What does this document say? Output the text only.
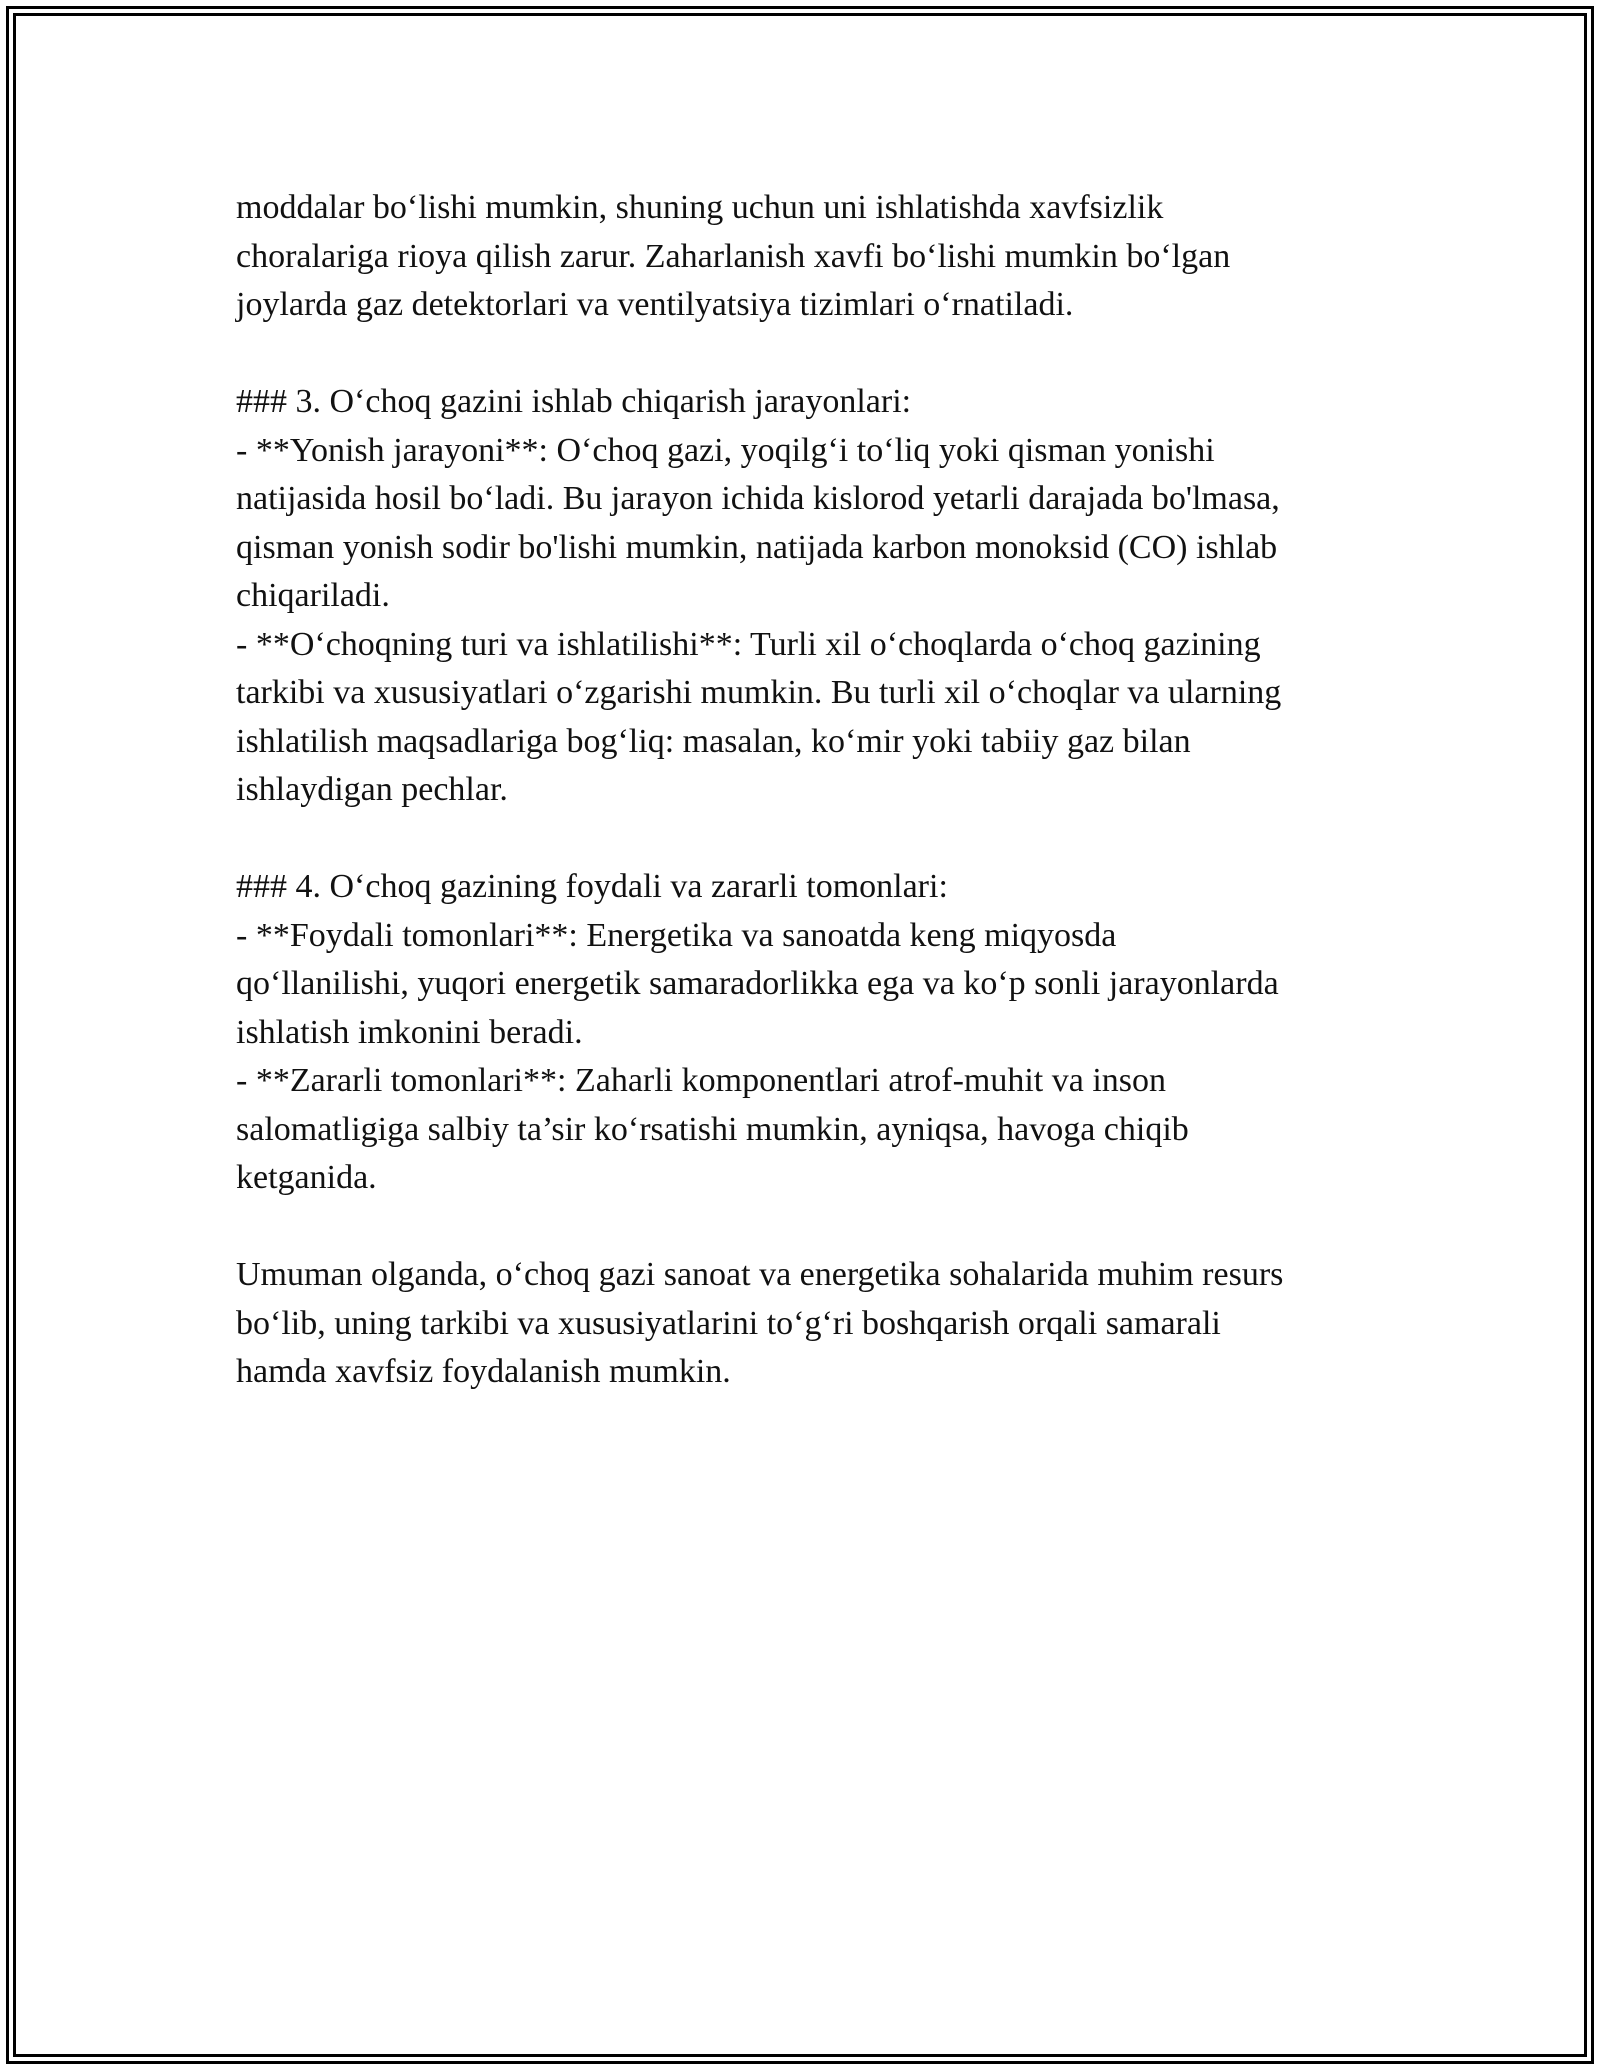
moddalar bo‘lishi mumkin, shuning uchun uni ishlatishda xavfsizlik
choralariga rioya qilish zarur. Zaharlanish xavfi bo‘lishi mumkin bo‘lgan
joylarda gaz detektorlari va ventilyatsiya tizimlari o‘rnatiladi.
### 3. O‘choq gazini ishlab chiqarish jarayonlari:
- **Yonish jarayoni**: O‘choq gazi, yoqilg‘i to‘liq yoki qisman yonishi
natijasida hosil bo‘ladi. Bu jarayon ichida kislorod yetarli darajada bo'lmasa,
qisman yonish sodir bo'lishi mumkin, natijada karbon monoksid (CO) ishlab
chiqariladi.
- **O‘choqning turi va ishlatilishi**: Turli xil o‘choqlarda o‘choq gazining
tarkibi va xususiyatlari o‘zgarishi mumkin. Bu turli xil o‘choqlar va ularning
ishlatilish maqsadlariga bog‘liq: masalan, ko‘mir yoki tabiiy gaz bilan
ishlaydigan pechlar.
### 4. O‘choq gazining foydali va zararli tomonlari:
- **Foydali tomonlari**: Energetika va sanoatda keng miqyosda
qo‘llanilishi, yuqori energetik samaradorlikka ega va ko‘p sonli jarayonlarda
ishlatish imkonini beradi.
- **Zararli tomonlari**: Zaharli komponentlari atrof-muhit va inson
salomatligiga salbiy ta’sir ko‘rsatishi mumkin, ayniqsa, havoga chiqib
ketganida.
Umuman olganda, o‘choq gazi sanoat va energetika sohalarida muhim resurs
bo‘lib, uning tarkibi va xususiyatlarini to‘g‘ri boshqarish orqali samarali
hamda xavfsiz foydalanish mumkin.
